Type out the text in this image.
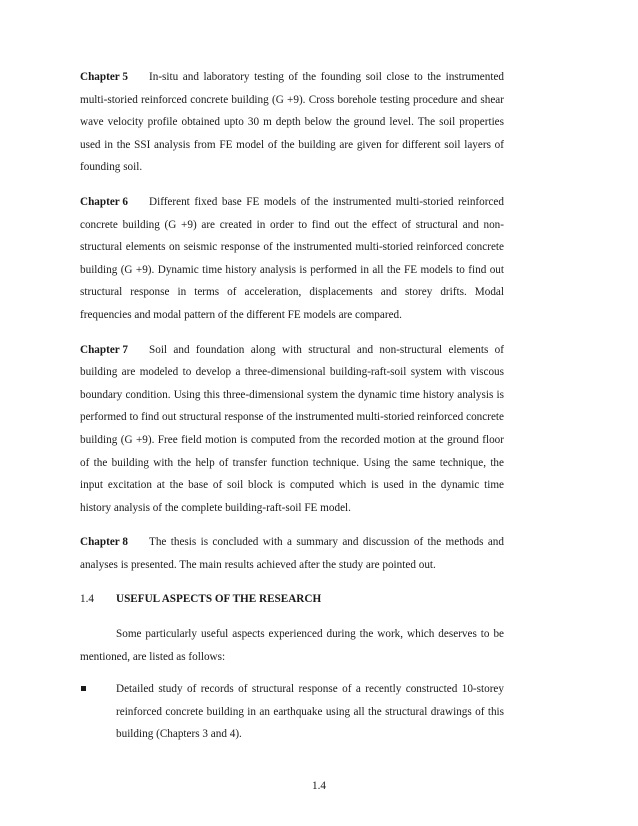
Chapter 5 In-situ and laboratory testing of the founding soil close to the instrumented multi-storied reinforced concrete building (G +9). Cross borehole testing procedure and shear wave velocity profile obtained upto 30 m depth below the ground level. The soil properties used in the SSI analysis from FE model of the building are given for different soil layers of founding soil.

Chapter 6 Different fixed base FE models of the instrumented multi-storied reinforced concrete building (G +9) are created in order to find out the effect of structural and non-structural elements on seismic response of the instrumented multi-storied reinforced concrete building (G +9). Dynamic time history analysis is performed in all the FE models to find out structural response in terms of acceleration, displacements and storey drifts. Modal frequencies and modal pattern of the different FE models are compared.

Chapter 7 Soil and foundation along with structural and non-structural elements of building are modeled to develop a three-dimensional building-raft-soil system with viscous boundary condition. Using this three-dimensional system the dynamic time history analysis is performed to find out structural response of the instrumented multi-storied reinforced concrete building (G +9). Free field motion is computed from the recorded motion at the ground floor of the building with the help of transfer function technique. Using the same technique, the input excitation at the base of soil block is computed which is used in the dynamic time history analysis of the complete building-raft-soil FE model.

Chapter 8 The thesis is concluded with a summary and discussion of the methods and analyses is presented. The main results achieved after the study are pointed out.

1.4	USEFUL ASPECTS OF THE RESEARCH

Some particularly useful aspects experienced during the work, which deserves to be mentioned, are listed as follows:

Detailed study of records of structural response of a recently constructed 10-storey reinforced concrete building in an earthquake using all the structural drawings of this building (Chapters 3 and 4).
1.4
